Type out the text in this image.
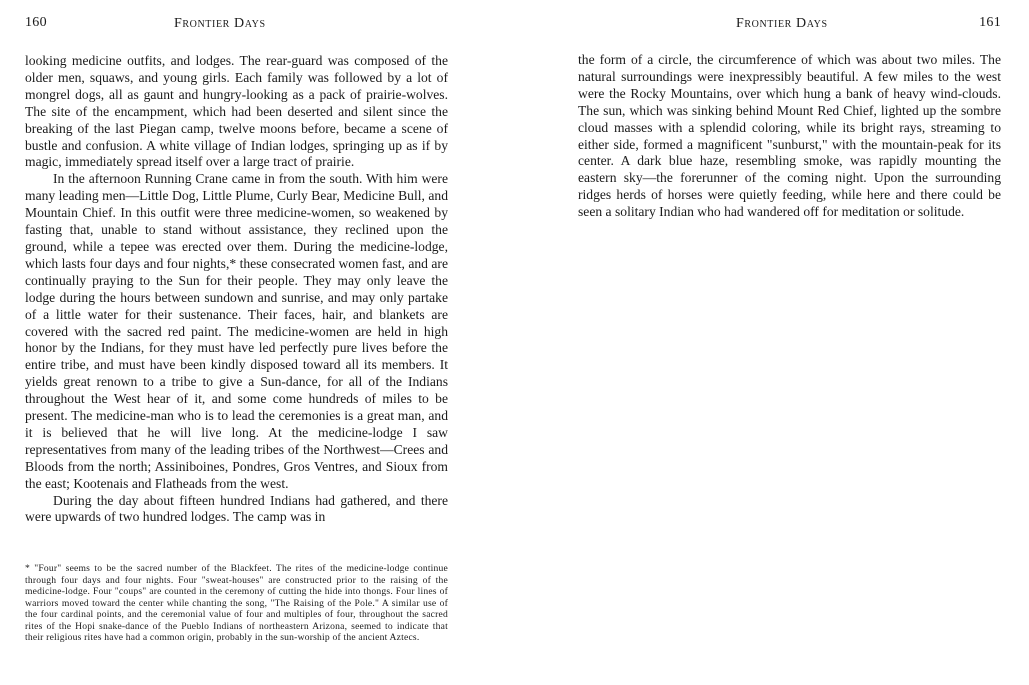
160	Frontier Days

looking medicine outfits, and lodges. The rear-guard was composed of the older men, squaws, and young girls. Each family was followed by a lot of mongrel dogs, all as gaunt and hungry-looking as a pack of prairie-wolves. The site of the encampment, which had been deserted and silent since the breaking of the last Piegan camp, twelve moons before, became a scene of bustle and confusion. A white village of Indian lodges, springing up as if by magic, immediately spread itself over a large tract of prairie.

In the afternoon Running Crane came in from the south. With him were many leading men—Little Dog, Little Plume, Curly Bear, Medicine Bull, and Mountain Chief. In this outfit were three medicine-women, so weakened by fasting that, unable to stand without assistance, they reclined upon the ground, while a tepee was erected over them. During the medicine-lodge, which lasts four days and four nights,* these consecrated women fast, and are continually praying to the Sun for their people. They may only leave the lodge during the hours between sundown and sunrise, and may only partake of a little water for their sustenance. Their faces, hair, and blankets are covered with the sacred red paint. The medicine-women are held in high honor by the Indians, for they must have led perfectly pure lives before the entire tribe, and must have been kindly disposed toward all its members. It yields great renown to a tribe to give a Sun-dance, for all of the Indians throughout the West hear of it, and some come hundreds of miles to be present. The medicine-man who is to lead the ceremonies is a great man, and it is believed that he will live long. At the medicine-lodge I saw representatives from many of the leading tribes of the Northwest—Crees and Bloods from the north; Assiniboines, Pondres, Gros Ventres, and Sioux from the east; Kootenais and Flatheads from the west.

During the day about fifteen hundred Indians had gathered, and there were upwards of two hundred lodges. The camp was in

* "Four" seems to be the sacred number of the Blackfeet. The rites of the medicine-lodge continue through four days and four nights. Four "sweat-houses" are constructed prior to the raising of the medicine-lodge. Four "coups" are counted in the ceremony of cutting the hide into thongs. Four lines of warriors moved toward the center while chanting the song, "The Raising of the Pole." A similar use of the four cardinal points, and the ceremonial value of four and multiples of four, throughout the sacred rites of the Hopi snake-dance of the Pueblo Indians of northeastern Arizona, seemed to indicate that their religious rites have had a common origin, probably in the sun-worship of the ancient Aztecs.

Frontier Days	161

the form of a circle, the circumference of which was about two miles. The natural surroundings were inexpressibly beautiful. A few miles to the west were the Rocky Mountains, over which hung a bank of heavy wind-clouds. The sun, which was sinking behind Mount Red Chief, lighted up the sombre cloud masses with a splendid coloring, while its bright rays, streaming to either side, formed a magnificent "sunburst," with the mountain-peak for its center. A dark blue haze, resembling smoke, was rapidly mounting the eastern sky—the forerunner of the coming night. Upon the surrounding ridges herds of horses were quietly feeding, while here and there could be seen a solitary Indian who had wandered off for meditation or solitude.
